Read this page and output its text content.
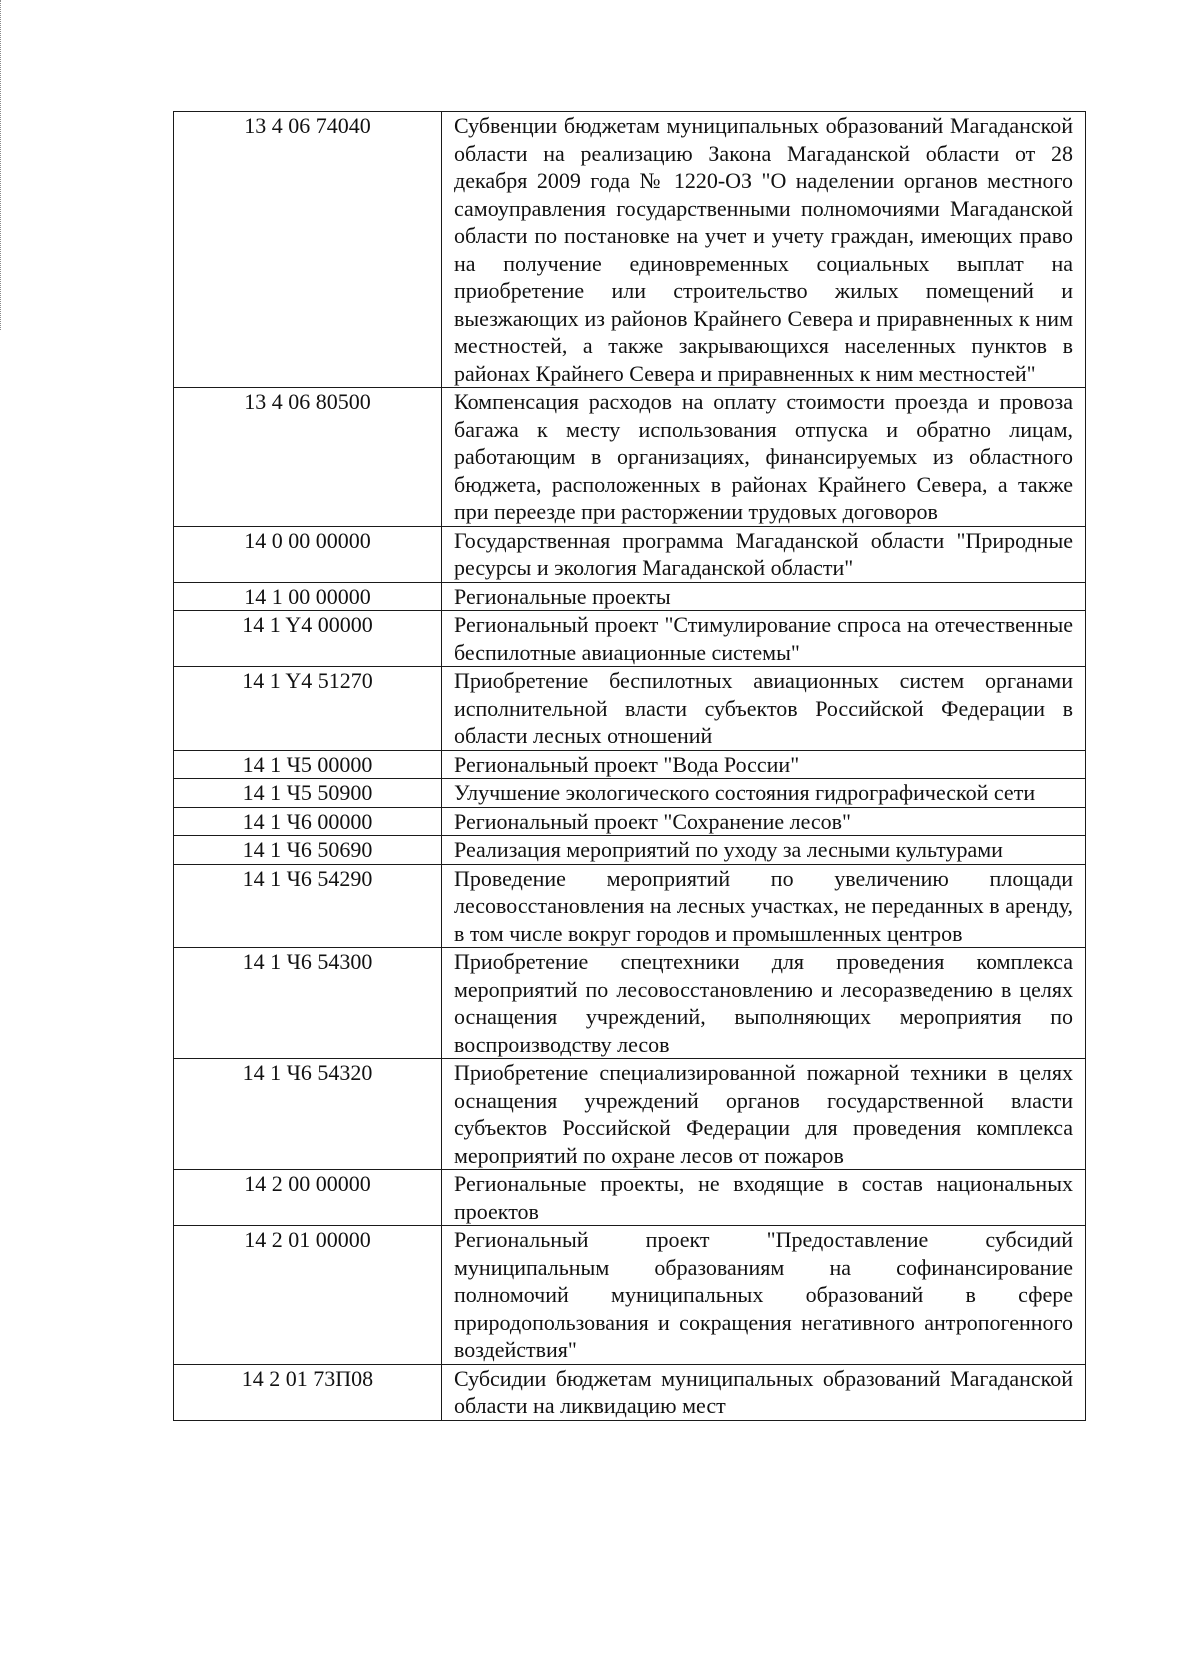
13 4 06 74040	Субвенции бюджетам муниципальных образований Магаданской области на реализацию Закона Магаданской области от 28 декабря 2009 года № 1220-ОЗ "О наделении органов местного самоуправления государственными полномочиями Магаданской области по постановке на учет и учету граждан, имеющих право на получение единовременных социальных выплат на приобретение или строительство жилых помещений и выезжающих из районов Крайнего Севера и приравненных к ним местностей, а также закрывающихся населенных пунктов в районах Крайнего Севера и приравненных к ним местностей"
13 4 06 80500	Компенсация расходов на оплату стоимости проезда и провоза багажа к месту использования отпуска и обратно лицам, работающим в организациях, финансируемых из областного бюджета, расположенных в районах Крайнего Севера, а также при переезде при расторжении трудовых договоров
14 0 00 00000	Государственная программа Магаданской области "Природные ресурсы и экология Магаданской области"
14 1 00 00000	Региональные проекты
14 1 Y4 00000	Региональный проект "Стимулирование спроса на отечественные беспилотные авиационные системы"
14 1 Y4 51270	Приобретение беспилотных авиационных систем органами исполнительной власти субъектов Российской Федерации в области лесных отношений
14 1 Ч5 00000	Региональный проект "Вода России"
14 1 Ч5 50900	Улучшение экологического состояния гидрографической сети
14 1 Ч6 00000	Региональный проект "Сохранение лесов"
14 1 Ч6 50690	Реализация мероприятий по уходу за лесными культурами
14 1 Ч6 54290	Проведение мероприятий по увеличению площади лесовосстановления на лесных участках, не переданных в аренду, в том числе вокруг городов и промышленных центров
14 1 Ч6 54300	Приобретение спецтехники для проведения комплекса мероприятий по лесовосстановлению и лесоразведению в целях оснащения учреждений, выполняющих мероприятия по воспроизводству лесов
14 1 Ч6 54320	Приобретение специализированной пожарной техники в целях оснащения учреждений органов государственной власти субъектов Российской Федерации для проведения комплекса мероприятий по охране лесов от пожаров
14 2 00 00000	Региональные проекты, не входящие в состав национальных проектов
14 2 01 00000	Региональный проект "Предоставление субсидий муниципальным образованиям на софинансирование полномочий муниципальных образований в сфере природопользования и сокращения негативного антропогенного воздействия"
14 2 01 73П08	Субсидии бюджетам муниципальных образований Магаданской области на ликвидацию мест
